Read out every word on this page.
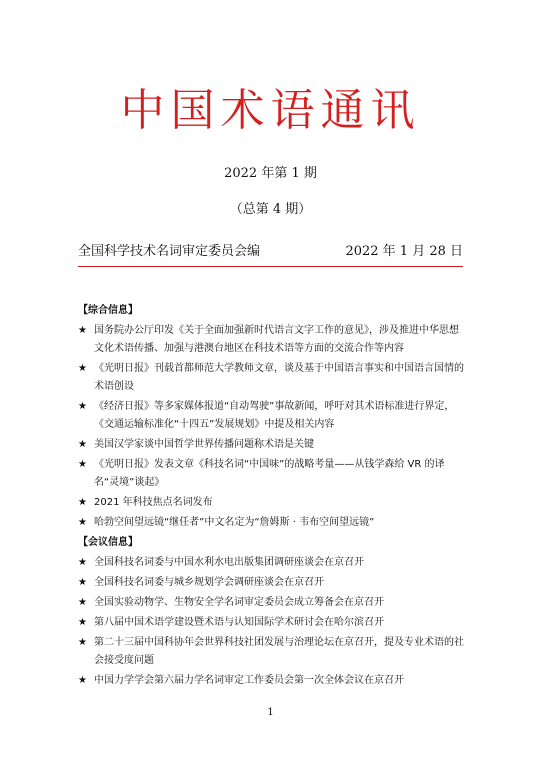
中国术语通讯
2022 年第 1 期
（总第 4 期）
全国科学技术名词审定委员会编	2022 年 1 月 28 日
【综合信息】
★ 国务院办公厅印发《关于全面加强新时代语言文字工作的意见》，涉及推进中华思想文化术语传播、加强与港澳台地区在科技术语等方面的交流合作等内容
★ 《光明日报》刊载首都师范大学教师文章，谈及基于中国语言事实和中国语言国情的术语创设
★ 《经济日报》等多家媒体报道“自动驾驶”事故新闻，呼吁对其术语标准进行界定，《交通运输标准化“十四五”发展规划》中提及相关内容
★ 美国汉学家谈中国哲学世界传播问题称术语是关键
★ 《光明日报》发表文章《科技名词“中国味”的战略考量——从钱学森给 VR 的译名“灵境”谈起》
★ 2021 年科技焦点名词发布
★ 哈勃空间望远镜“继任者”中文名定为“詹姆斯 · 韦布空间望远镜”
【会议信息】
★ 全国科技名词委与中国水利水电出版集团调研座谈会在京召开
★ 全国科技名词委与城乡规划学会调研座谈会在京召开
★ 全国实验动物学、生物安全学名词审定委员会成立筹备会在京召开
★ 第八届中国术语学建设暨术语与认知国际学术研讨会在哈尔滨召开
★ 第二十三届中国科协年会世界科技社团发展与治理论坛在京召开，提及专业术语的社会接受度问题
★ 中国力学学会第六届力学名词审定工作委员会第一次全体会议在京召开
1
